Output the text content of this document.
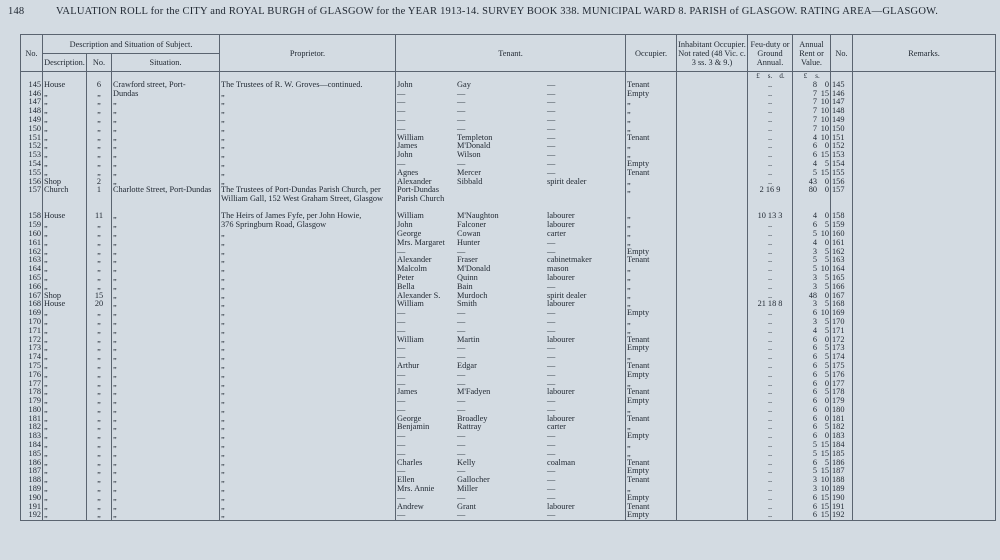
148	VALUATION ROLL for the CITY and ROYAL BURGH of GLASGOW for the YEAR 1913-14. SURVEY BOOK 338. MUNICIPAL WARD 8. PARISH of GLASGOW. RATING AREA—GLASGOW.
No.	Description and Situation of Subject.			Proprietor.	Tenant.	Occupier.	Inhabitant Occupier. Not rated (48 Vic. c. 3 ss. 3 & 9.)	Feu-duty or Ground Annual.	Annual Rent or Value.	No.	Remarks.
	Description.	No.	Situation.								
								£ s. d.	£ s.		
145	House	6	Crawford street, Port-	The Trustees of R. W. Groves—continued.	John Gay —	Tenant		..	8 0	145	
146	„	„	Dundas	„	— — —	Empty		..	7 15	146	
147	„	„	„	„	— — —	„		..	7 10	147	
148	„	„	„	„	— — —	„		..	7 10	148	
149	„	„	„	„	— — —	„		..	7 10	149	
150	„	„	„	„	— — —	„		..	7 10	150	
151	„	„	„	„	William Templeton —	Tenant		..	4 10	151	
152	„	„	„	„	James M'Donald —	„		..	6 0	152	
153	„	„	„	„	John Wilson —	„		..	6 15	153	
154	„	„	„	„	— — —	Empty		..	4 5	154	
155	„	„	„	„	Agnes Mercer —	Tenant		..	5 15	155	
156	Shop	2	„	„	Alexander Sibbald spirit dealer	„		..	43 0	156	
157	Church	1	Charlotte Street, Port-Dundas	The Trustees of Port-Dundas Parish Church, per William Gall, 152 West Graham Street, Glasgow	Port-Dundas Parish Church	„		2 16 9	80 0	157	
158	House	11	„	The Heirs of James Fyfe, per John Howie,	William M'Naughton labourer	„		10 13 3	4 0	158	
159	„	„	„	376 Springburn Road, Glasgow	John Falconer labourer	„		..	6 5	159	
160	„	„	„	„	George Cowan carter	„		..	5 10	160	
161	„	„	„	„	Mrs. Margaret Hunter —	„		..	4 0	161	
162	„	„	„	„	— — —	Empty		..	3 5	162	
163	„	„	„	„	Alexander Fraser cabinetmaker	Tenant		..	5 5	163	
164	„	„	„	„	Malcolm M'Donald mason	„		..	5 10	164	
165	„	„	„	„	Peter Quinn labourer	„		..	3 5	165	
166	„	„	„	„	Bella Bain —	„		..	3 5	166	
167	Shop	15	„	„	Alexander S. Murdoch spirit dealer	„		..	48 0	167	
168	House	20	„	„	William Smith labourer	„		21 18 8	3 5	168	
169	„	„	„	„	— — —	Empty		..	6 10	169	
170	„	„	„	„	— — —	„		..	3 5	170	
171	„	„	„	„	— — —	„		..	4 5	171	
172	„	„	„	„	William Martin labourer	Tenant		..	6 0	172	
173	„	„	„	„	— — —	Empty		..	6 5	173	
174	„	„	„	„	— — —	„		..	6 5	174	
175	„	„	„	„	Arthur Edgar —	Tenant		..	6 5	175	
176	„	„	„	„	— — —	Empty		..	6 5	176	
177	„	„	„	„	— — —	„		..	6 0	177	
178	„	„	„	„	James M'Fadyen labourer	Tenant		..	6 5	178	
179	„	„	„	„	— — —	Empty		..	6 0	179	
180	„	„	„	„	— — —	„		..	6 0	180	
181	„	„	„	„	George Broadley labourer	Tenant		..	6 0	181	
182	„	„	„	„	Benjamin Rattray carter	„		..	6 5	182	
183	„	„	„	„	— — —	Empty		..	6 0	183	
184	„	„	„	„	— — —	„		..	5 15	184	
185	„	„	„	„	— — —	„		..	5 15	185	
186	„	„	„	„	Charles Kelly coalman	Tenant		..	6 5	186	
187	„	„	„	„	— — —	Empty		..	5 15	187	
188	„	„	„	„	Ellen Gallocher —	Tenant		..	3 10	188	
189	„	„	„	„	Mrs. Annie Miller —	„		..	3 10	189	
190	„	„	„	„	— — —	Empty		..	6 15	190	
191	„	„	„	„	Andrew Grant labourer	Tenant		..	6 15	191	
192	„	„	„	„	— — —	Empty		..	6 15	192	
